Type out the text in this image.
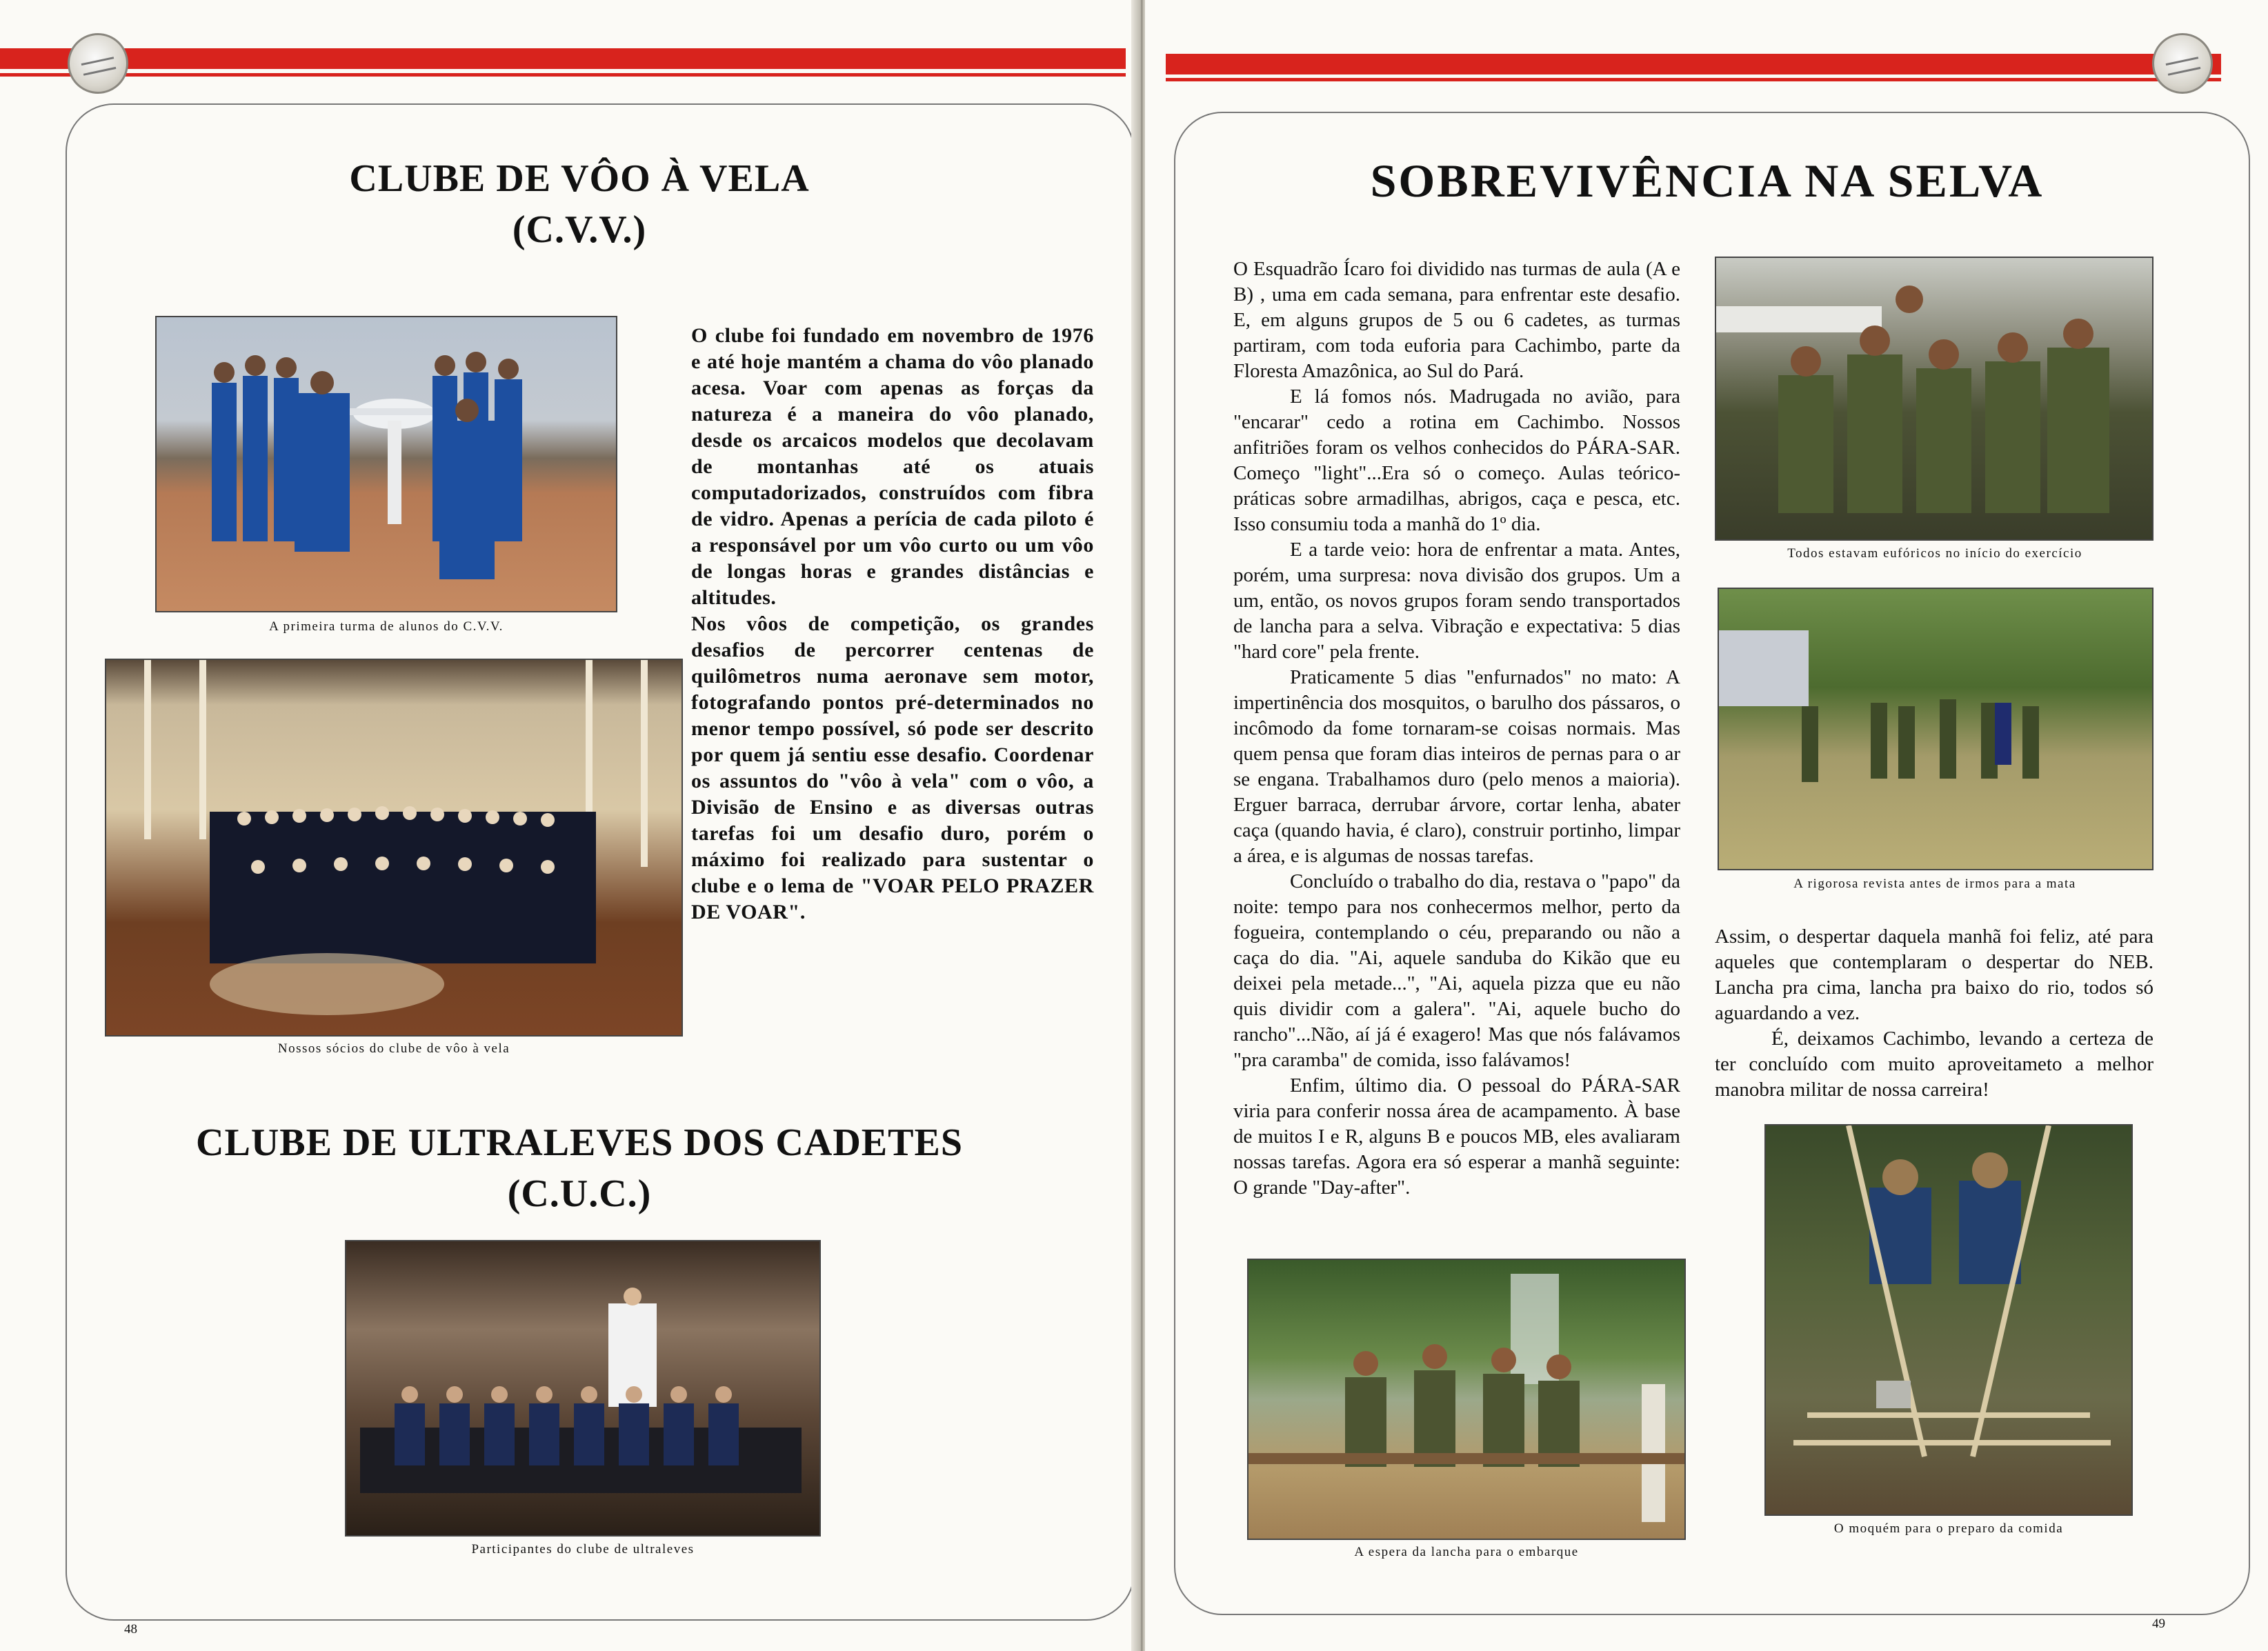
CLUBE DE VÔO À VELA
(C.V.V.)

A primeira turma de alunos do C.V.V.

O clube foi fundado em novembro de 1976 e até hoje mantém a chama do vôo planado acesa. Voar com apenas as forças da natureza é a maneira do vôo planado, desde os arcaicos modelos que decolavam de montanhas até os atuais computadorizados, construídos com fibra de vidro. Apenas a perícia de cada piloto é a responsável por um vôo curto ou um vôo de longas horas e grandes distâncias e altitudes.

Nos vôos de competição, os grandes desafios de percorrer centenas de quilômetros numa aeronave sem motor, fotografando pontos pré-determinados no menor tempo possível, só pode ser descrito por quem já sentiu esse desafio. Coordenar os assuntos do "vôo à vela" com o vôo, a Divisão de Ensino e as diversas outras tarefas foi um desafio duro, porém o máximo foi realizado para sustentar o clube e o lema de "VOAR PELO PRAZER DE VOAR".

Nossos sócios do clube de vôo à vela

CLUBE DE ULTRALEVES DOS CADETES
(C.U.C.)

Participantes do clube de ultraleves

48
SOBREVIVÊNCIA NA SELVA

O Esquadrão Ícaro foi dividido nas turmas de aula (A e B) , uma em cada semana, para enfrentar este desafio. E, em alguns grupos de 5 ou 6 cadetes, as turmas partiram, com toda euforia para Cachimbo, parte da Floresta Amazônica, ao Sul do Pará.

E lá fomos nós. Madrugada no avião, para "encarar" cedo a rotina em Cachimbo. Nossos anfitriões foram os velhos conhecidos do PÁRA-SAR. Começo "light"...Era só o começo. Aulas teórico-práticas sobre armadilhas, abrigos, caça e pesca, etc. Isso consumiu toda a manhã do 1º dia.

E a tarde veio: hora de enfrentar a mata. Antes, porém, uma surpresa: nova divisão dos grupos. Um a um, então, os novos grupos foram sendo transportados de lancha para a selva. Vibração e expectativa: 5 dias "hard core" pela frente.

Praticamente 5 dias "enfurnados" no mato: A impertinência dos mosquitos, o barulho dos pássaros, o incômodo da fome tornaram-se coisas normais. Mas quem pensa que foram dias inteiros de pernas para o ar se engana. Trabalhamos duro (pelo menos a maioria). Erguer barraca, derrubar árvore, cortar lenha, abater caça (quando havia, é claro), construir portinho, limpar a área, e is algumas de nossas tarefas.

Concluído o trabalho do dia, restava o "papo" da noite: tempo para nos conhecermos melhor, perto da fogueira, contemplando o céu, preparando ou não a caça do dia. "Ai, aquele sanduba do Kikão que eu deixei pela metade...", "Ai, aquela pizza que eu não quis dividir com a galera". "Ai, aquele bucho do rancho"...Não, aí já é exagero! Mas que nós falávamos "pra caramba" de comida, isso falávamos!

Enfim, último dia. O pessoal do PÁRA-SAR viria para conferir nossa área de acampamento. À base de muitos I e R, alguns B e poucos MB, eles avaliaram nossas tarefas. Agora era só esperar a manhã seguinte: O grande "Day-after".

Todos estavam eufóricos no início do exercício

A rigorosa revista antes de irmos para a mata

Assim, o despertar daquela manhã foi feliz, até para aqueles que contemplaram o despertar do NEB. Lancha pra cima, lancha pra baixo do rio, todos só aguardando a vez.

É, deixamos Cachimbo, levando a certeza de ter concluído com muito aproveitameto a melhor manobra militar de nossa carreira!

A espera da lancha para o embarque

O moquém para o preparo da comida

49
